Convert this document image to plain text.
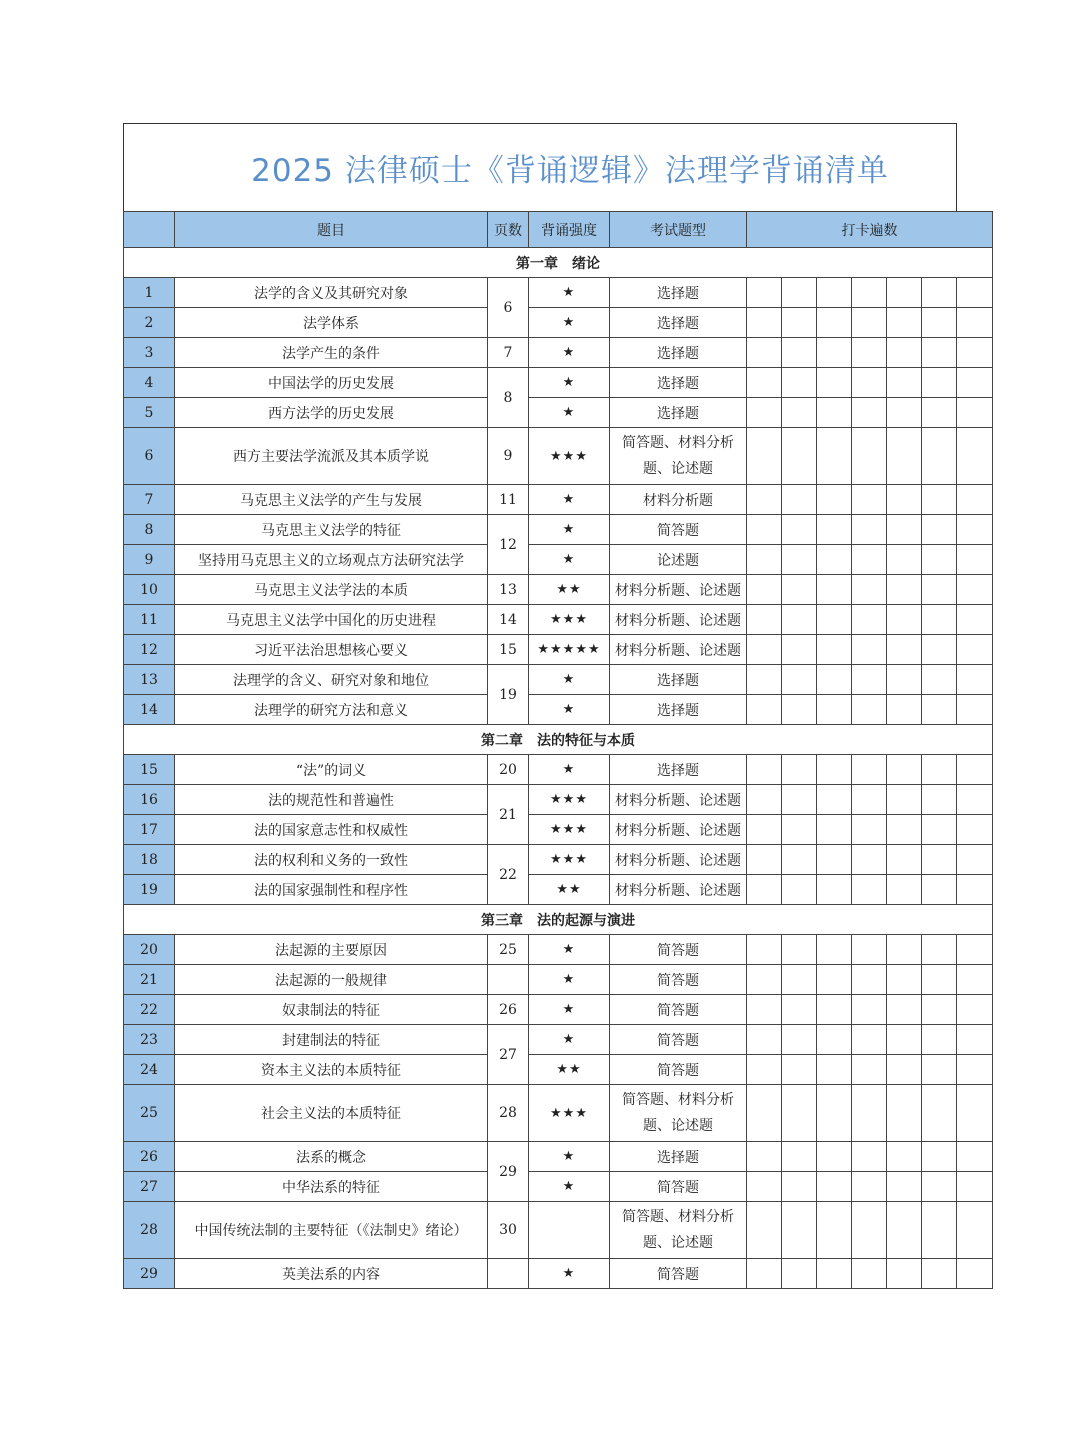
2025 法律硕士《背诵逻辑》法理学背诵清单
	题目	页数	背诵强度	考试题型	打卡遍数						
第一章　绪论											
1	法学的含义及其研究对象	6	★	选择题							
2	法学体系		★	选择题							
3	法学产生的条件	7	★	选择题							
4	中国法学的历史发展	8	★	选择题							
5	西方法学的历史发展		★	选择题							
6	西方主要法学流派及其本质学说	9	★★★	简答题、材料分析题、论述题							
7	马克思主义法学的产生与发展	11	★	材料分析题							
8	马克思主义法学的特征	12	★	简答题							
9	坚持用马克思主义的立场观点方法研究法学		★	论述题							
10	马克思主义法学法的本质	13	★★	材料分析题、论述题							
11	马克思主义法学中国化的历史进程	14	★★★	材料分析题、论述题							
12	习近平法治思想核心要义	15	★★★★★	材料分析题、论述题							
13	法理学的含义、研究对象和地位	19	★	选择题							
14	法理学的研究方法和意义		★	选择题							
第二章　法的特征与本质											
15	“法”的词义	20	★	选择题							
16	法的规范性和普遍性	21	★★★	材料分析题、论述题							
17	法的国家意志性和权威性		★★★	材料分析题、论述题							
18	法的权利和义务的一致性	22	★★★	材料分析题、论述题							
19	法的国家强制性和程序性		★★	材料分析题、论述题							
第三章　法的起源与演进											
20	法起源的主要原因	25	★	简答题							
21	法起源的一般规律		★	简答题							
22	奴隶制法的特征	26	★	简答题							
23	封建制法的特征	27	★	简答题							
24	资本主义法的本质特征		★★	简答题							
25	社会主义法的本质特征	28	★★★	简答题、材料分析题、论述题							
26	法系的概念	29	★	选择题							
27	中华法系的特征		★	简答题							
28	中国传统法制的主要特征（《法制史》绪论）	30		简答题、材料分析题、论述题							
29	英美法系的内容		★	简答题							
